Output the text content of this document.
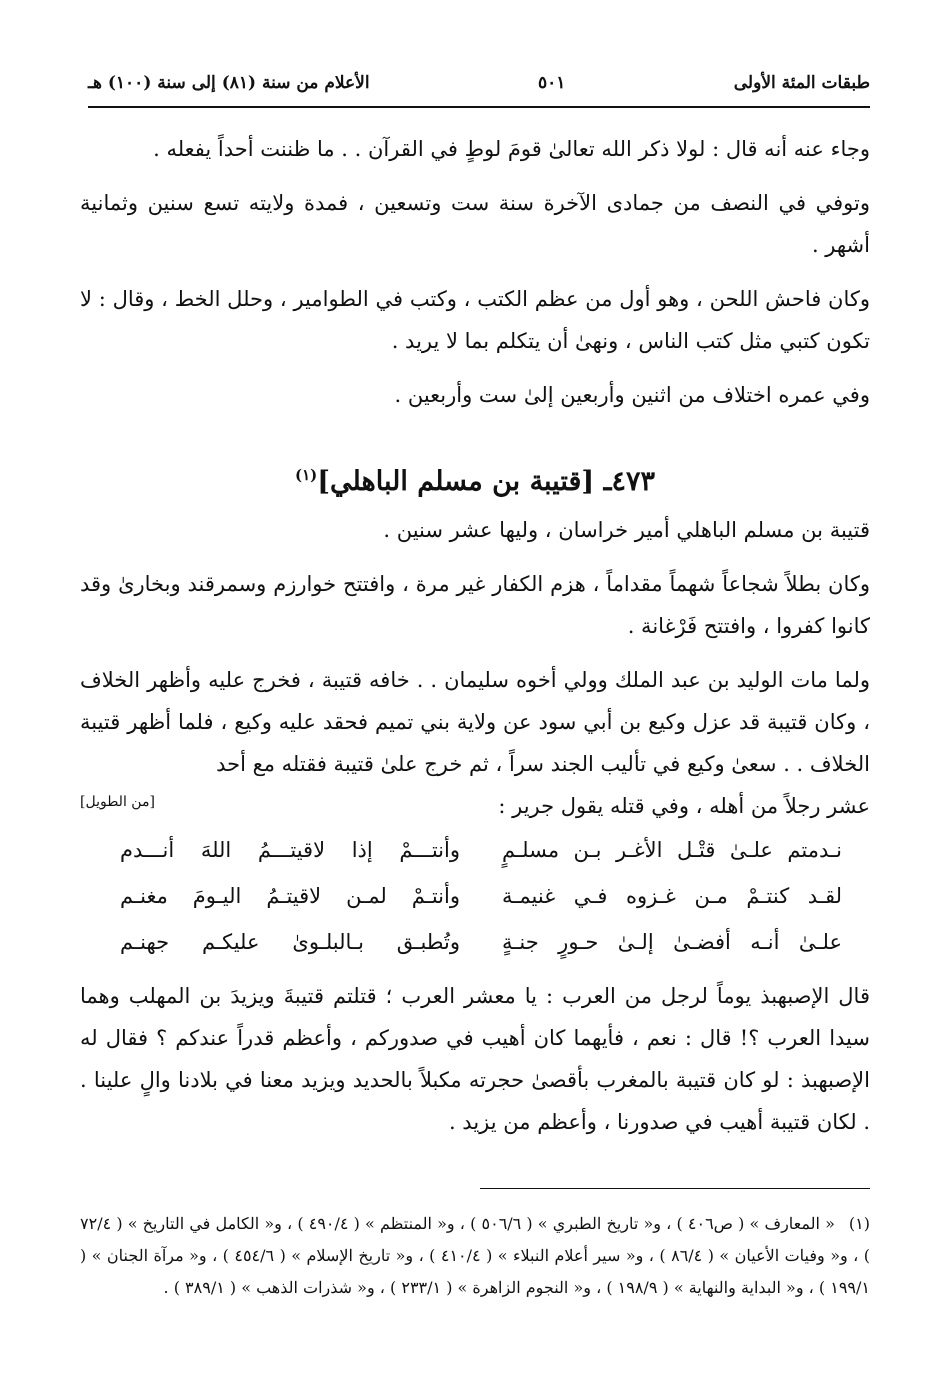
طبقات المئة الأولى
٥٠١
الأعلام من سنة (٨١) إلى سنة (١٠٠) هـ

وجاء عنه أنه قال : لولا ذكر الله تعالىٰ قومَ لوطٍ في القرآن . . ما ظننت أحداً يفعله .

وتوفي في النصف من جمادى الآخرة سنة ست وتسعين ، فمدة ولايته تسع سنين وثمانية أشهر .

وكان فاحش اللحن ، وهو أول من عظم الكتب ، وكتب في الطوامير ، وحلل الخط ، وقال : لا تكون كتبي مثل كتب الناس ، ونهىٰ أن يتكلم بما لا يريد .

وفي عمره اختلاف من اثنين وأربعين إلىٰ ست وأربعين .

٤٧٣ـ [قتيبة بن مسلم الباهلي]$^{(١)}$

قتيبة بن مسلم الباهلي أمير خراسان ، وليها عشر سنين .

وكان بطلاً شجاعاً شهماً مقداماً ، هزم الكفار غير مرة ، وافتتح خوارزم وسمرقند وبخارىٰ وقد كانوا كفروا ، وافتتح فَرْغانة .

ولما مات الوليد بن عبد الملك وولي أخوه سليمان . . خافه قتيبة ، فخرج عليه وأظهر الخلاف ، وكان قتيبة قد عزل وكيع بن أبي سود عن ولاية بني تميم فحقد عليه وكيع ، فلما أظهر قتيبة الخلاف . . سعىٰ وكيع في تأليب الجند سراً ، ثم خرج علىٰ قتيبة فقتله مع أحد

عشر رجلاً من أهله ، وفي قتله يقول جرير :
[من الطويل]
نـدمتم علـىٰ قتْـل الأغـر بـن مسلـمٍ
وأنتـــمْ إذا لاقيتـــمُ اللهَ أنـــدم
لقـد كنتـمْ مـن غـزوه فـي غنيمـة
وأنتـمْ لمـن لاقيتـمُ اليـومَ مغنـم
علـىٰ أنـه أفضـىٰ إلـىٰ حـورٍ جنـةٍ
وتُطبـق بـالبلـوىٰ عليكـم جهنـم

قال الإصبهبذ يوماً لرجل من العرب : يا معشر العرب ؛ قتلتم قتيبةَ ويزيدَ بن المهلب وهما سيدا العرب ؟! قال : نعم ، فأيهما كان أهيب في صدوركم ، وأعظم قدراً عندكم ؟ فقال له الإصبهبذ : لو كان قتيبة بالمغرب بأقصىٰ حجرته مكبلاً بالحديد ويزيد معنا في بلادنا والٍ علينا . . لكان قتيبة أهيب في صدورنا ، وأعظم من يزيد .

(١)« المعارف » ( ص٤٠٦ ) ، و« تاريخ الطبري » ( ٥٠٦/٦ ) ، و« المنتظم » ( ٤٩٠/٤ ) ، و« الكامل في التاريخ » ( ٧٢/٤ ) ، و« وفيات الأعيان » ( ٨٦/٤ ) ، و« سير أعلام النبلاء » ( ٤١٠/٤ ) ، و« تاريخ الإسلام » ( ٤٥٤/٦ ) ، و« مرآة الجنان » ( ١٩٩/١ ) ، و« البداية والنهاية » ( ١٩٨/٩ ) ، و« النجوم الزاهرة » ( ٢٣٣/١ ) ، و« شذرات الذهب » ( ٣٨٩/١ ) .
